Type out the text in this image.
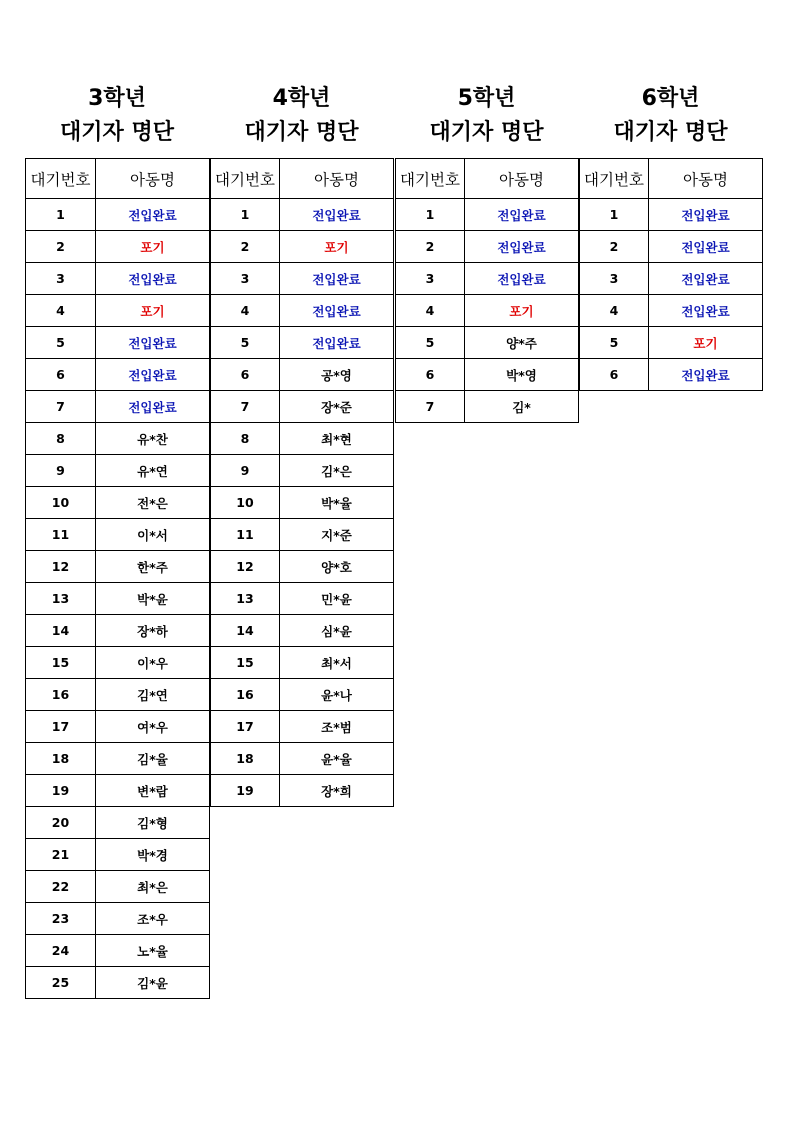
3학년
대기자 명단
대기번호	아동명
1	전입완료
2	포기
3	전입완료
4	포기
5	전입완료
6	전입완료
7	전입완료
8	유*찬
9	유*연
10	전*은
11	이*서
12	한*주
13	박*윤
14	장*하
15	이*우
16	김*연
17	여*우
18	김*율
19	변*람
20	김*형
21	박*경
22	최*은
23	조*우
24	노*율
25	김*윤
4학년
대기자 명단
대기번호	아동명
1	전입완료
2	포기
3	전입완료
4	전입완료
5	전입완료
6	공*영
7	장*준
8	최*현
9	김*은
10	박*율
11	지*준
12	양*호
13	민*윤
14	심*윤
15	최*서
16	윤*나
17	조*범
18	윤*율
19	장*희
5학년
대기자 명단
대기번호	아동명
1	전입완료
2	전입완료
3	전입완료
4	포기
5	양*주
6	박*영
7	김*
6학년
대기자 명단
대기번호	아동명
1	전입완료
2	전입완료
3	전입완료
4	전입완료
5	포기
6	전입완료
